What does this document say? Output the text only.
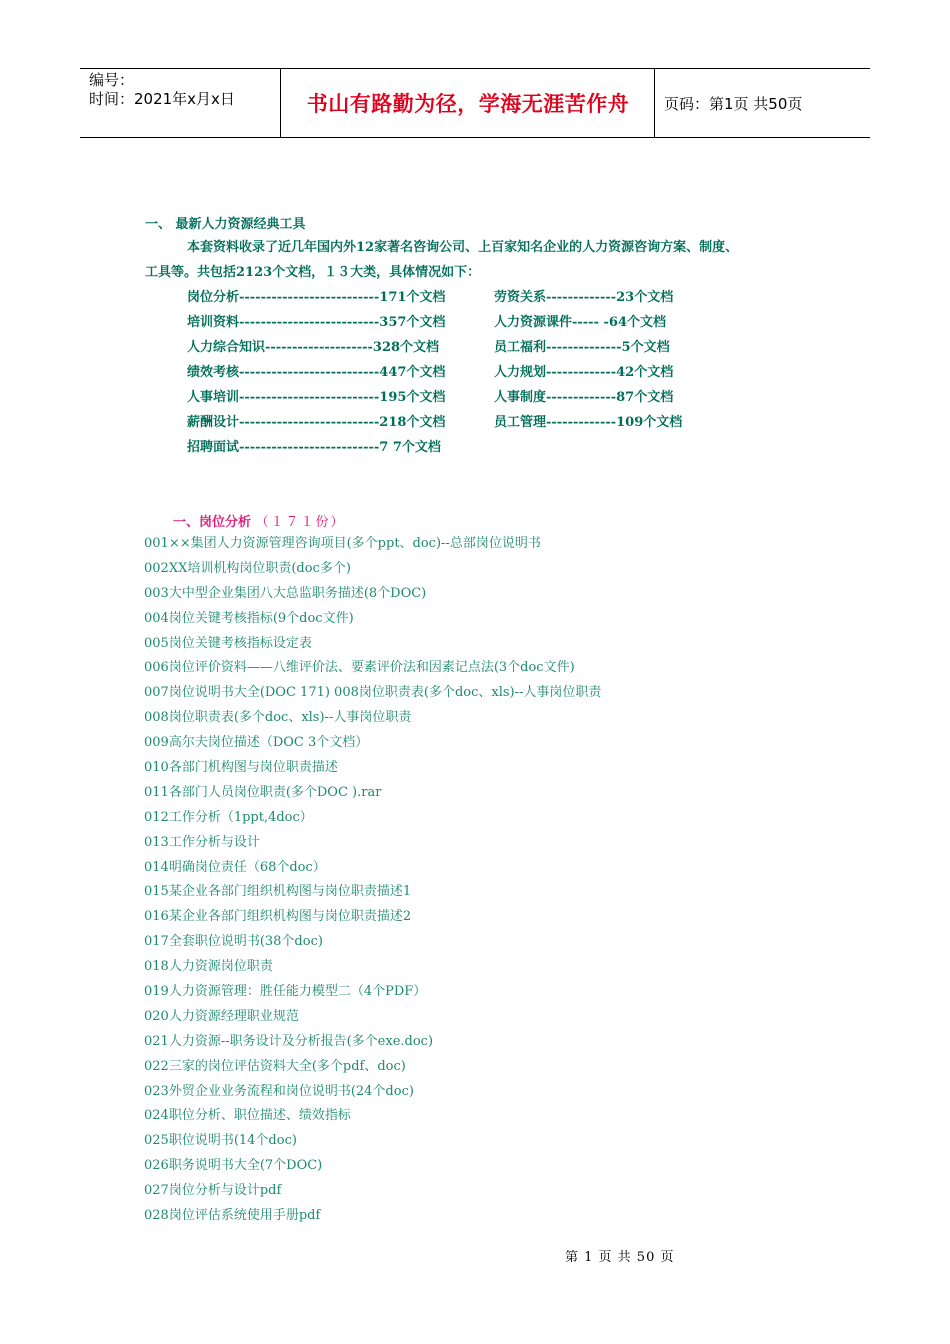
编号：
时间：2021年x月x日	书山有路勤为径，学海无涯苦作舟	页码：第1页 共50页
一、 最新人力资源经典工具
本套资料收录了近几年国内外12家著名咨询公司、上百家知名企业的人力资源咨询方案、制度、
工具等。共包括2123个文档，１３大类，具体情况如下：
岗位分析--------------------------171个文档
培训资料--------------------------357个文档
人力综合知识--------------------328个文档
绩效考核--------------------------447个文档
人事培训--------------------------195个文档
薪酬设计--------------------------218个文档
招聘面试--------------------------7 7个文档
劳资关系-------------23个文档
人力资源课件----- -64个文档
员工福利--------------5个文档
人力规划-------------42个文档
人事制度-------------87个文档
员工管理-------------109个文档
一、岗位分析 （１７１份）
001××集团人力资源管理咨询项目(多个ppt、doc)--总部岗位说明书
002XX培训机构岗位职责(doc多个)
003大中型企业集团八大总监职务描述(8个DOC)
004岗位关键考核指标(9个doc文件)
005岗位关键考核指标设定表
006岗位评价资料——八维评价法、要素评价法和因素记点法(3个doc文件)
007岗位说明书大全(DOC 171) 008岗位职责表(多个doc、xls)--人事岗位职责
008岗位职责表(多个doc、xls)--人事岗位职责
009高尔夫岗位描述（DOC 3个文档）
010各部门机构图与岗位职责描述
011各部门人员岗位职责(多个DOC ).rar
012工作分析（1ppt,4doc）
013工作分析与设计
014明确岗位责任（68个doc）
015某企业各部门组织机构图与岗位职责描述1
016某企业各部门组织机构图与岗位职责描述2
017全套职位说明书(38个doc)
018人力资源岗位职责
019人力资源管理：胜任能力模型二（4个PDF）
020人力资源经理职业规范
021人力资源--职务设计及分析报告(多个exe.doc)
022三家的岗位评估资料大全(多个pdf、doc)
023外贸企业业务流程和岗位说明书(24个doc)
024职位分析、职位描述、绩效指标
025职位说明书(14个doc)
026职务说明书大全(7个DOC)
027岗位分析与设计pdf
028岗位评估系统使用手册pdf
第 1 页 共 50 页
